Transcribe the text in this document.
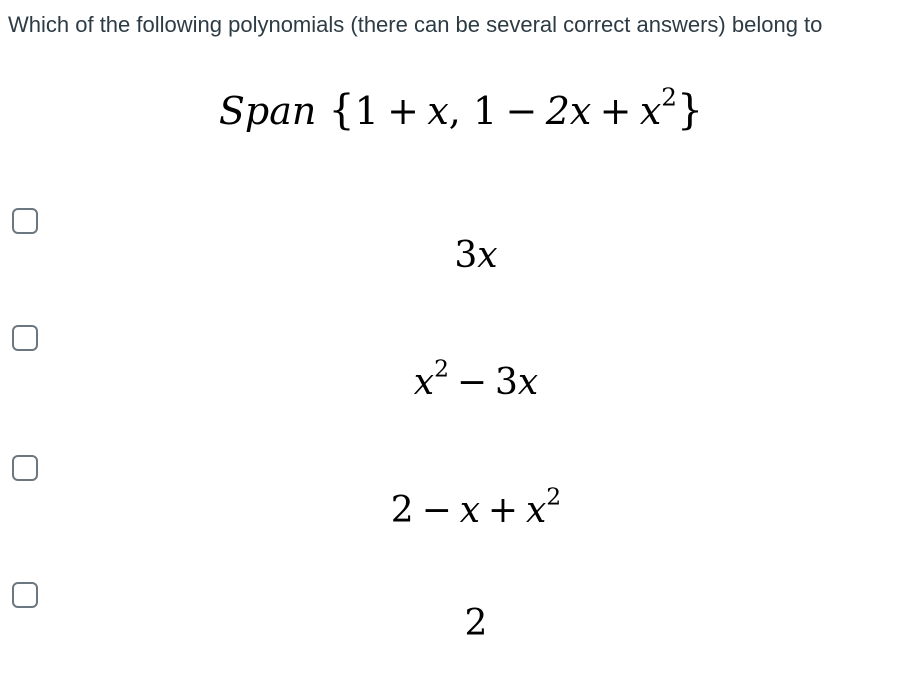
Which of the following polynomials (there can be several correct answers) belong to
Span {1 + x, $1 - 2x + x^2$}
3x
$x^2 - 3x$
$2 - x + x^2$
2
